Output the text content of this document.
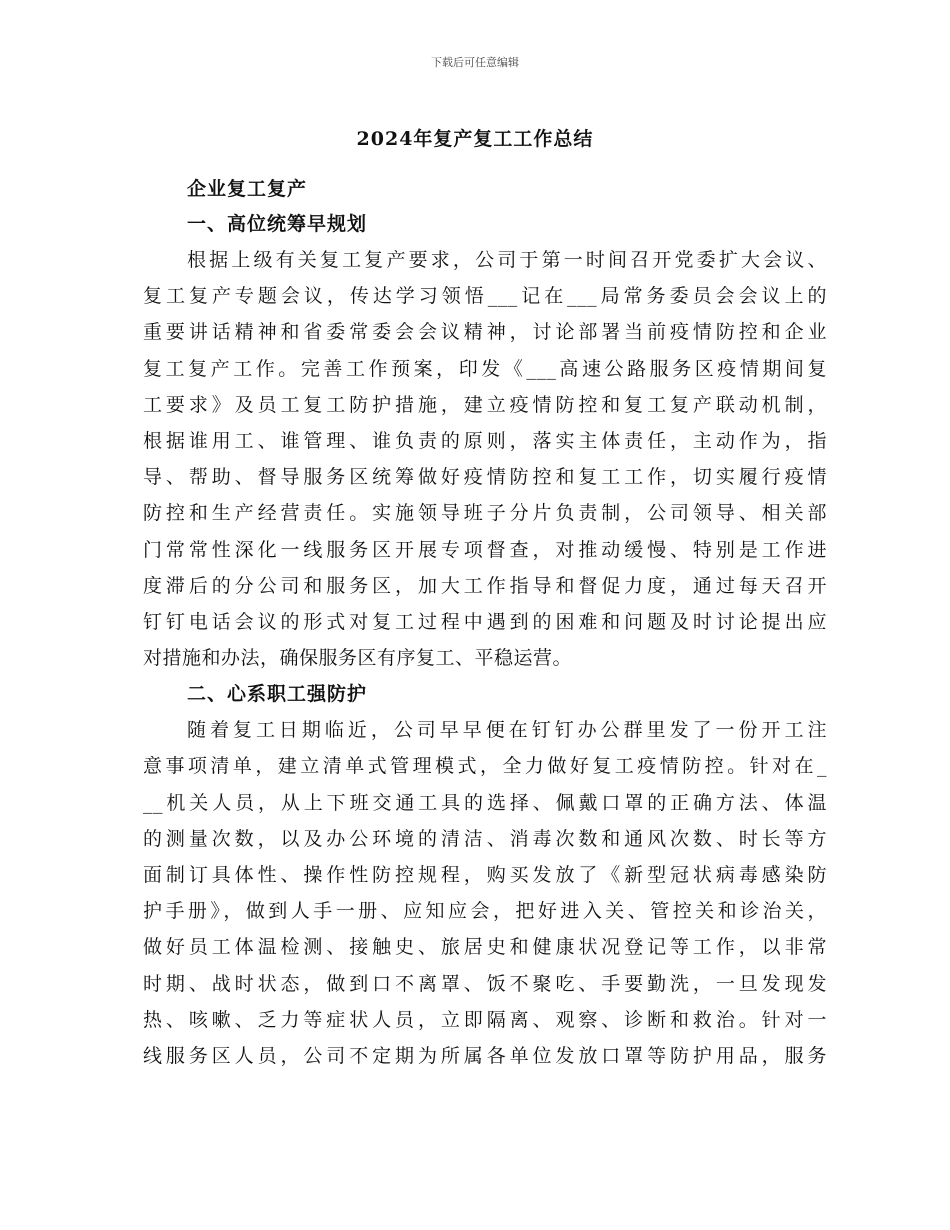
下载后可任意编辑
2024年复产复工工作总结
企业复工复产
一、高位统筹早规划
根据上级有关复工复产要求，公司于第一时间召开党委扩大会议、
复工复产专题会议，传达学习领悟___记在___局常务委员会会议上的
重要讲话精神和省委常委会会议精神，讨论部署当前疫情防控和企业
复工复产工作。完善工作预案，印发《___高速公路服务区疫情期间复
工要求》及员工复工防护措施，建立疫情防控和复工复产联动机制，
根据谁用工、谁管理、谁负责的原则，落实主体责任，主动作为，指
导、帮助、督导服务区统筹做好疫情防控和复工工作，切实履行疫情
防控和生产经营责任。实施领导班子分片负责制，公司领导、相关部
门常常性深化一线服务区开展专项督查，对推动缓慢、特别是工作进
度滞后的分公司和服务区，加大工作指导和督促力度，通过每天召开
钉钉电话会议的形式对复工过程中遇到的困难和问题及时讨论提出应
对措施和办法，确保服务区有序复工、平稳运营。
二、心系职工强防护
随着复工日期临近，公司早早便在钉钉办公群里发了一份开工注
意事项清单，建立清单式管理模式，全力做好复工疫情防控。针对在_
__机关人员，从上下班交通工具的选择、佩戴口罩的正确方法、体温
的测量次数，以及办公环境的清洁、消毒次数和通风次数、时长等方
面制订具体性、操作性防控规程，购买发放了《新型冠状病毒感染防
护手册》，做到人手一册、应知应会，把好进入关、管控关和诊治关，
做好员工体温检测、接触史、旅居史和健康状况登记等工作，以非常
时期、战时状态，做到口不离罩、饭不聚吃、手要勤洗，一旦发现发
热、咳嗽、乏力等症状人员，立即隔离、观察、诊断和救治。针对一
线服务区人员，公司不定期为所属各单位发放口罩等防护用品，服务
